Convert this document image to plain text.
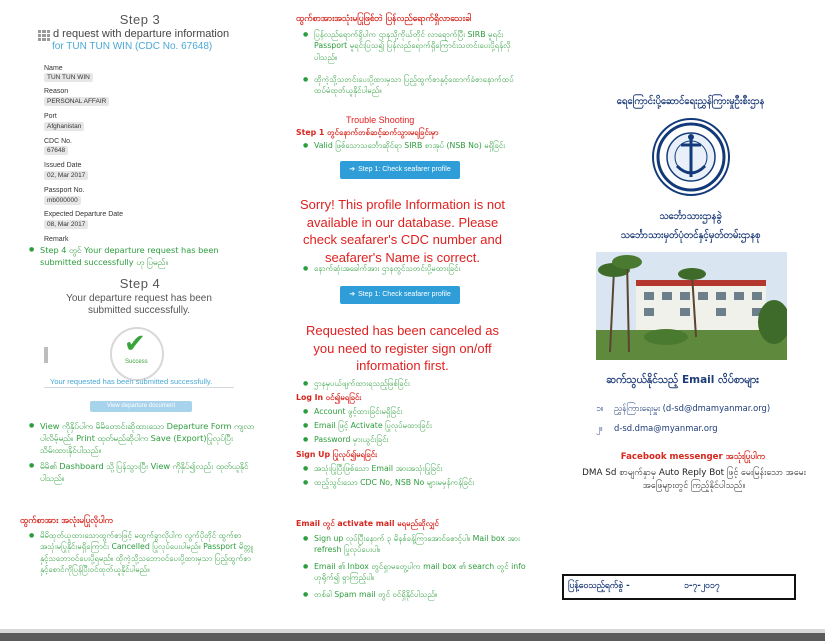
Step 3
d request with departure information
for TUN TUN WIN (CDC No. 67648)
Name
TUN TUN WIN
Reason
PERSONAL AFFAIR
Port
Afghanistan
CDC No.
67648
Issued Date
02, Mar 2017
Passport No.
mb000000
Expected Departure Date
08, Mar 2017
Remark
● Step 4 တွင် Your departure request has been submitted successfully ဟု ပြမည်။
Step 4
Your departure request has been submitted successfully.
✔
Success
Your requested has been submitted successfully.
View departure document
● View ကိုနှိပ်ပါက မိမိတောင်းဆိုထားသော Departure Form ကျလာပါလိမ့်မည်။ Print ထုတ်မည်ဆိုပါက Save (Export)ပြုလုပ်ပြီးသိမ်းထားနိုင်ပါသည်။
● မိမိ၏ Dashboard သို့ပြန်သွားပြီး View ကိုနှိပ်၍လည်း ထုတ်ယူနိုင်ပါသည်။
ထွက်စာအား အလုံးမပြုလိုပါက
● မိမိထုတ်ယူထားသောထွက်စာဖြင့် မထွက်ခွာလိုပါက လွက်ပိုတိုင် ထွက်စာအသုံးမပြုနိုင်းမရှိကြောင်း Cancelled ပြုလုပ်ပေးပါမည်။ Passport မိတ္တူနှင့်သဘောဝင်ပေးပို့ရမည်။ ထိုကဲ့သို့သဘောဝင်ပေးပို့ထားမှသာ ပြည့်ထွက်စာနှင့်စောင်ကိုပြန်ပြီးဝင်ထုတ်ယူနိုင်ပါမည်။
ထွက်စာအားအသုံးမပြုဖြစ်ဘဲ ပြန်လည်ရောက်ရှိလာသေးခါ
● ပြန်လည်ရောက်ရှိပါက ဌာနသို့ကိုယ်တိုင် လာရောက်ပြီး SIRB မူရင်း Passport မူရင်းပြသ၍ ပြန်လည်ရောက်ရှိကြောင်းသတင်းပေးပို့ရန်လိုပါသည်။
● ထိုကဲ့သို့သတင်းပေးပို့ထားမှသာ ပြည့်ထွက်စာနှင့်ထောက်ခံစာနောက်ထပ် ထပ်မံထုတ်ယူနိုင်ပါမည်။
Trouble Shooting
Step 1 တွင်နောက်တစ်ဆင့်ဆက်သွားမရခြင်းမှာ
● Valid ဖြစ်သောသင်္ဘောဆိုင်ရာ SIRB စာအုပ် (NSB No) မရှိခြင်း
➔ Step 1: Check seafarer profile
Sorry! This profile Information is not available in our database. Please check seafarer's CDC number and seafarer's Name is correct.
● နောက်ဆုံးအခေါက်အား ဌာနတွင်သတင်းပို့မထားခြင်း
➔ Step 1: Check seafarer profile
Requested has been canceled as you need to register sign on/off information first.
● ဌာနမှပယ်ဖျက်ထားရသည့်ဖြစ်ခြင်း
Log In ဝင်၍မရခြင်း
● Account ဖွင့်ထားခြင်းမရှိခြင်း
● Email ဖြင့် Activate ပြုလုပ်မထားခြင်း
● Password မှားယွင်းခြင်း
Sign Up ပြုလုပ်၍မရခြင်း
● အသုံးပြုပြီးဖြစ်သော Email အားအသုံးပြုခြင်း
● ထည့်သွင်းသော CDC No, NSB No များမမှန်ကန်ခြင်း
Email တွင် activate mail မရမည်ဆိုလျှင်
● Sign up လုပ်ပြီးနောက် ၃ မိနစ်ခန့်ကြာအောင်စောင့်ပါ။ Mail box အား refresh ပြုလုပ်ပေးပါ။
● Email ၏ Inbox တွင်ရှာမတွေ့ပါက mail box ၏ search တွင် info ဟုရိုက်၍ ရှာကြည့်ပါ။
● တစ်ခါ Spam mail တွင် ဝင်ရှိနိုင်ပါသည်။
ရေကြောင်းပို့ဆောင်ရေးညွှန်ကြားမှုဦးစီးဌာန
သင်္ဘောသားဌာနခွဲ
သင်္ဘောသားမှတ်ပုံတင်နှင့်မှတ်တမ်းဌာနစု
ဆက်သွယ်နိုင်သည့် Email လိပ်စာများ
၁။ ညွှန်ကြားရေးမှူး (d-sd@dmamyanmar.org)
၂။ d-sd.dma@myanmar.org
Facebook messenger အသုံးပြုပါက
DMA Sd စာမျက်နှာမှ Auto Reply Bot ဖြင့် မေးမြန်းသော အမေးအဖြေများတွင် ကြည့်နိုင်ပါသည်။
ပြန့်ဝေသည့်ရက်စွဲ -	၁-၇-၂၀၁၇
